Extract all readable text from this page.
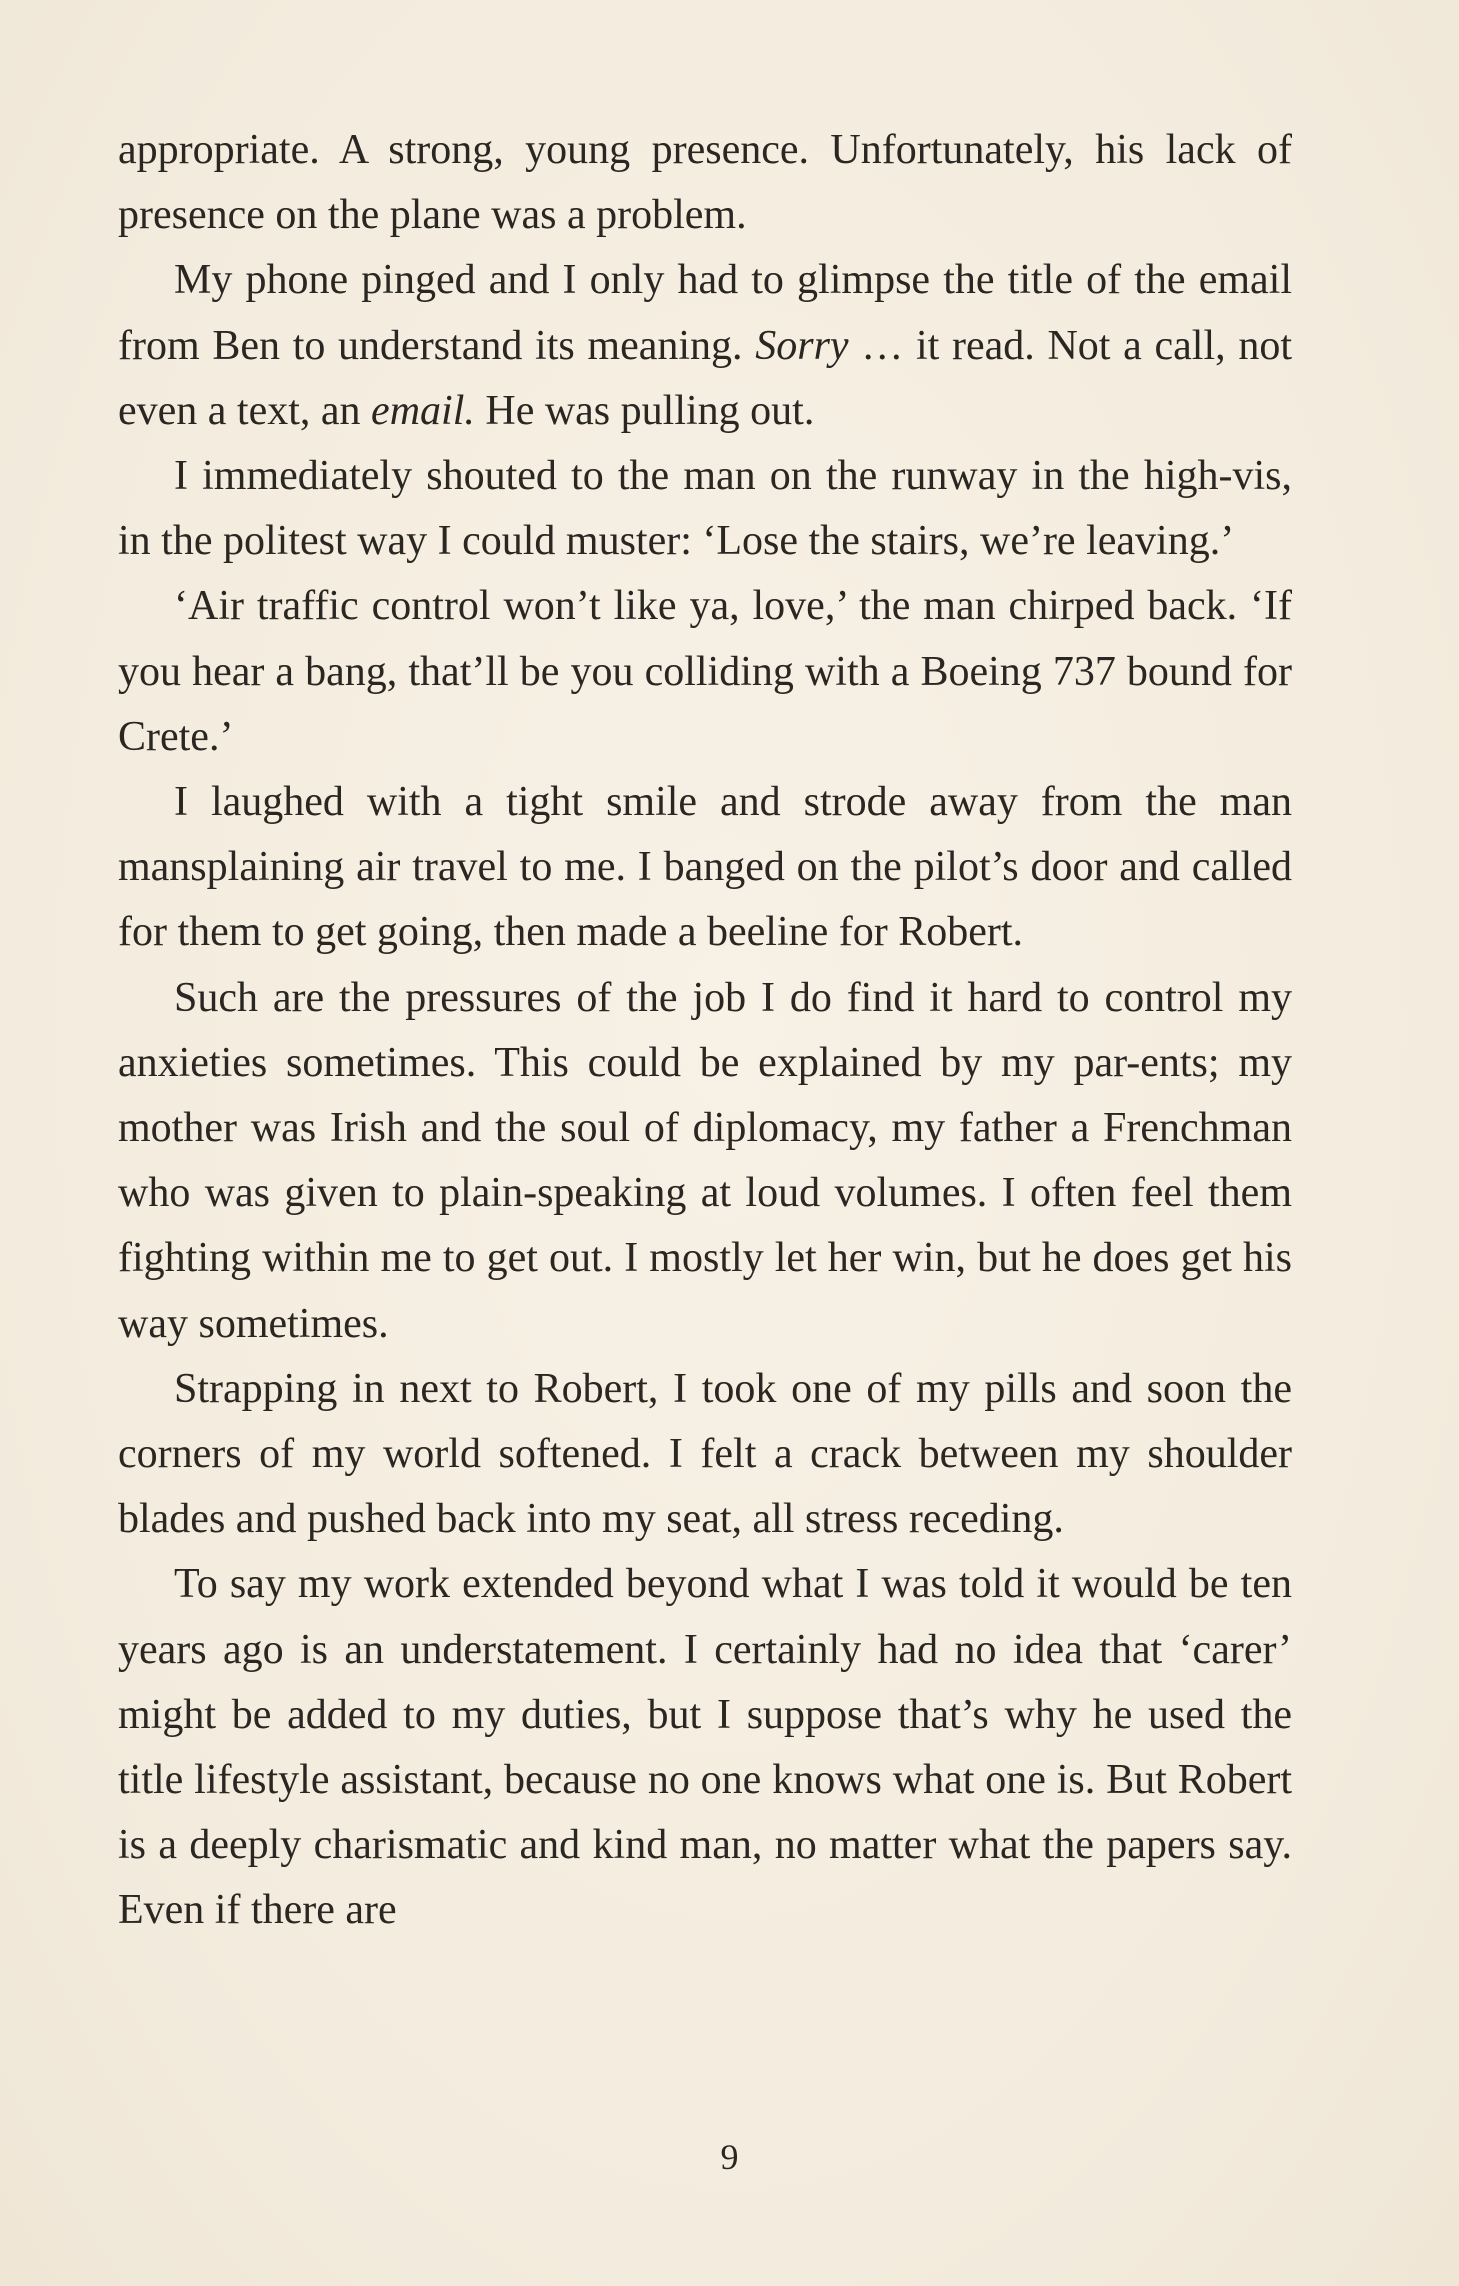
appropriate. A strong, young presence. Unfortunately, his lack of presence on the plane was a problem.

My phone pinged and I only had to glimpse the title of the email from Ben to understand its meaning. Sorry … it read. Not a call, not even a text, an email. He was pulling out.

I immediately shouted to the man on the runway in the high-vis, in the politest way I could muster: ‘Lose the stairs, we’re leaving.’

‘Air traffic control won’t like ya, love,’ the man chirped back. ‘If you hear a bang, that’ll be you colliding with a Boeing 737 bound for Crete.’

I laughed with a tight smile and strode away from the man mansplaining air travel to me. I banged on the pilot’s door and called for them to get going, then made a beeline for Robert.

Such are the pressures of the job I do find it hard to control my anxieties sometimes. This could be explained by my par-ents; my mother was Irish and the soul of diplomacy, my father a Frenchman who was given to plain-speaking at loud volumes. I often feel them fighting within me to get out. I mostly let her win, but he does get his way sometimes.

Strapping in next to Robert, I took one of my pills and soon the corners of my world softened. I felt a crack between my shoulder blades and pushed back into my seat, all stress receding.

To say my work extended beyond what I was told it would be ten years ago is an understatement. I certainly had no idea that ‘carer’ might be added to my duties, but I suppose that’s why he used the title lifestyle assistant, because no one knows what one is. But Robert is a deeply charismatic and kind man, no matter what the papers say. Even if there are

9
